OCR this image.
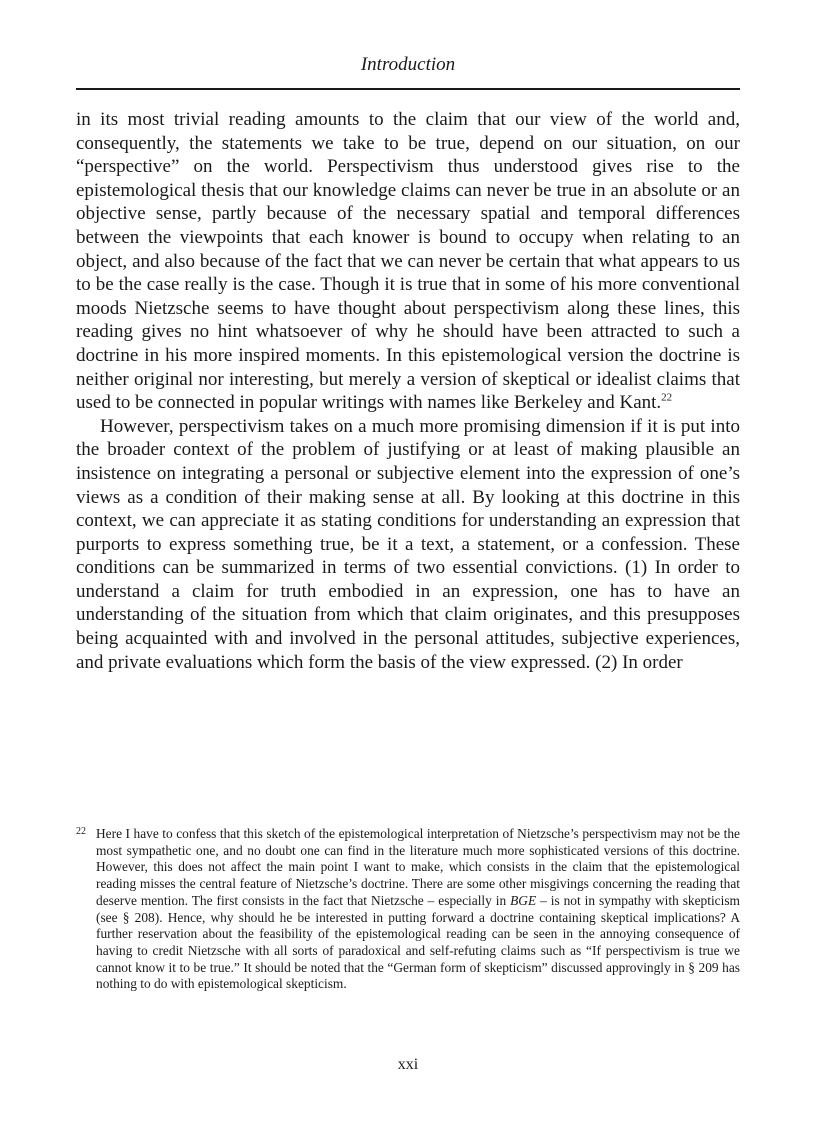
Introduction

in its most trivial reading amounts to the claim that our view of the world and, consequently, the statements we take to be true, depend on our situation, on our “perspective” on the world. Perspectivism thus understood gives rise to the epistemological thesis that our knowledge claims can never be true in an absolute or an objective sense, partly because of the necessary spatial and temporal differences between the viewpoints that each knower is bound to occupy when relating to an object, and also because of the fact that we can never be certain that what appears to us to be the case really is the case. Though it is true that in some of his more conventional moods Nietzsche seems to have thought about perspectivism along these lines, this reading gives no hint whatsoever of why he should have been attracted to such a doctrine in his more inspired moments. In this epistemological version the doctrine is neither original nor interesting, but merely a version of skeptical or idealist claims that used to be connected in popular writings with names like Berkeley and Kant.$^{22}$

However, perspectivism takes on a much more promising dimension if it is put into the broader context of the problem of justifying or at least of making plausible an insistence on integrating a personal or subjective element into the expression of one’s views as a condition of their making sense at all. By looking at this doctrine in this context, we can appreciate it as stating conditions for understanding an expression that purports to express something true, be it a text, a statement, or a confession. These conditions can be summarized in terms of two essential convictions. (1) In order to understand a claim for truth embodied in an expression, one has to have an understanding of the situation from which that claim originates, and this presupposes being acquainted with and involved in the personal attitudes, subjective experiences, and private evaluations which form the basis of the view expressed. (2) In order

22 Here I have to confess that this sketch of the epistemological interpretation of Nietzsche’s perspectivism may not be the most sympathetic one, and no doubt one can find in the literature much more sophisticated versions of this doctrine. However, this does not affect the main point I want to make, which consists in the claim that the epistemological reading misses the central feature of Nietzsche’s doctrine. There are some other misgivings concerning the reading that deserve mention. The first consists in the fact that Nietzsche – especially in BGE – is not in sympathy with skepticism (see § 208). Hence, why should he be interested in putting forward a doctrine containing skeptical implications? A further reservation about the feasibility of the epistemological reading can be seen in the annoying consequence of having to credit Nietzsche with all sorts of paradoxical and self-refuting claims such as “If perspectivism is true we cannot know it to be true.” It should be noted that the “German form of skepticism” discussed approvingly in § 209 has nothing to do with epistemological skepticism.
xxi
